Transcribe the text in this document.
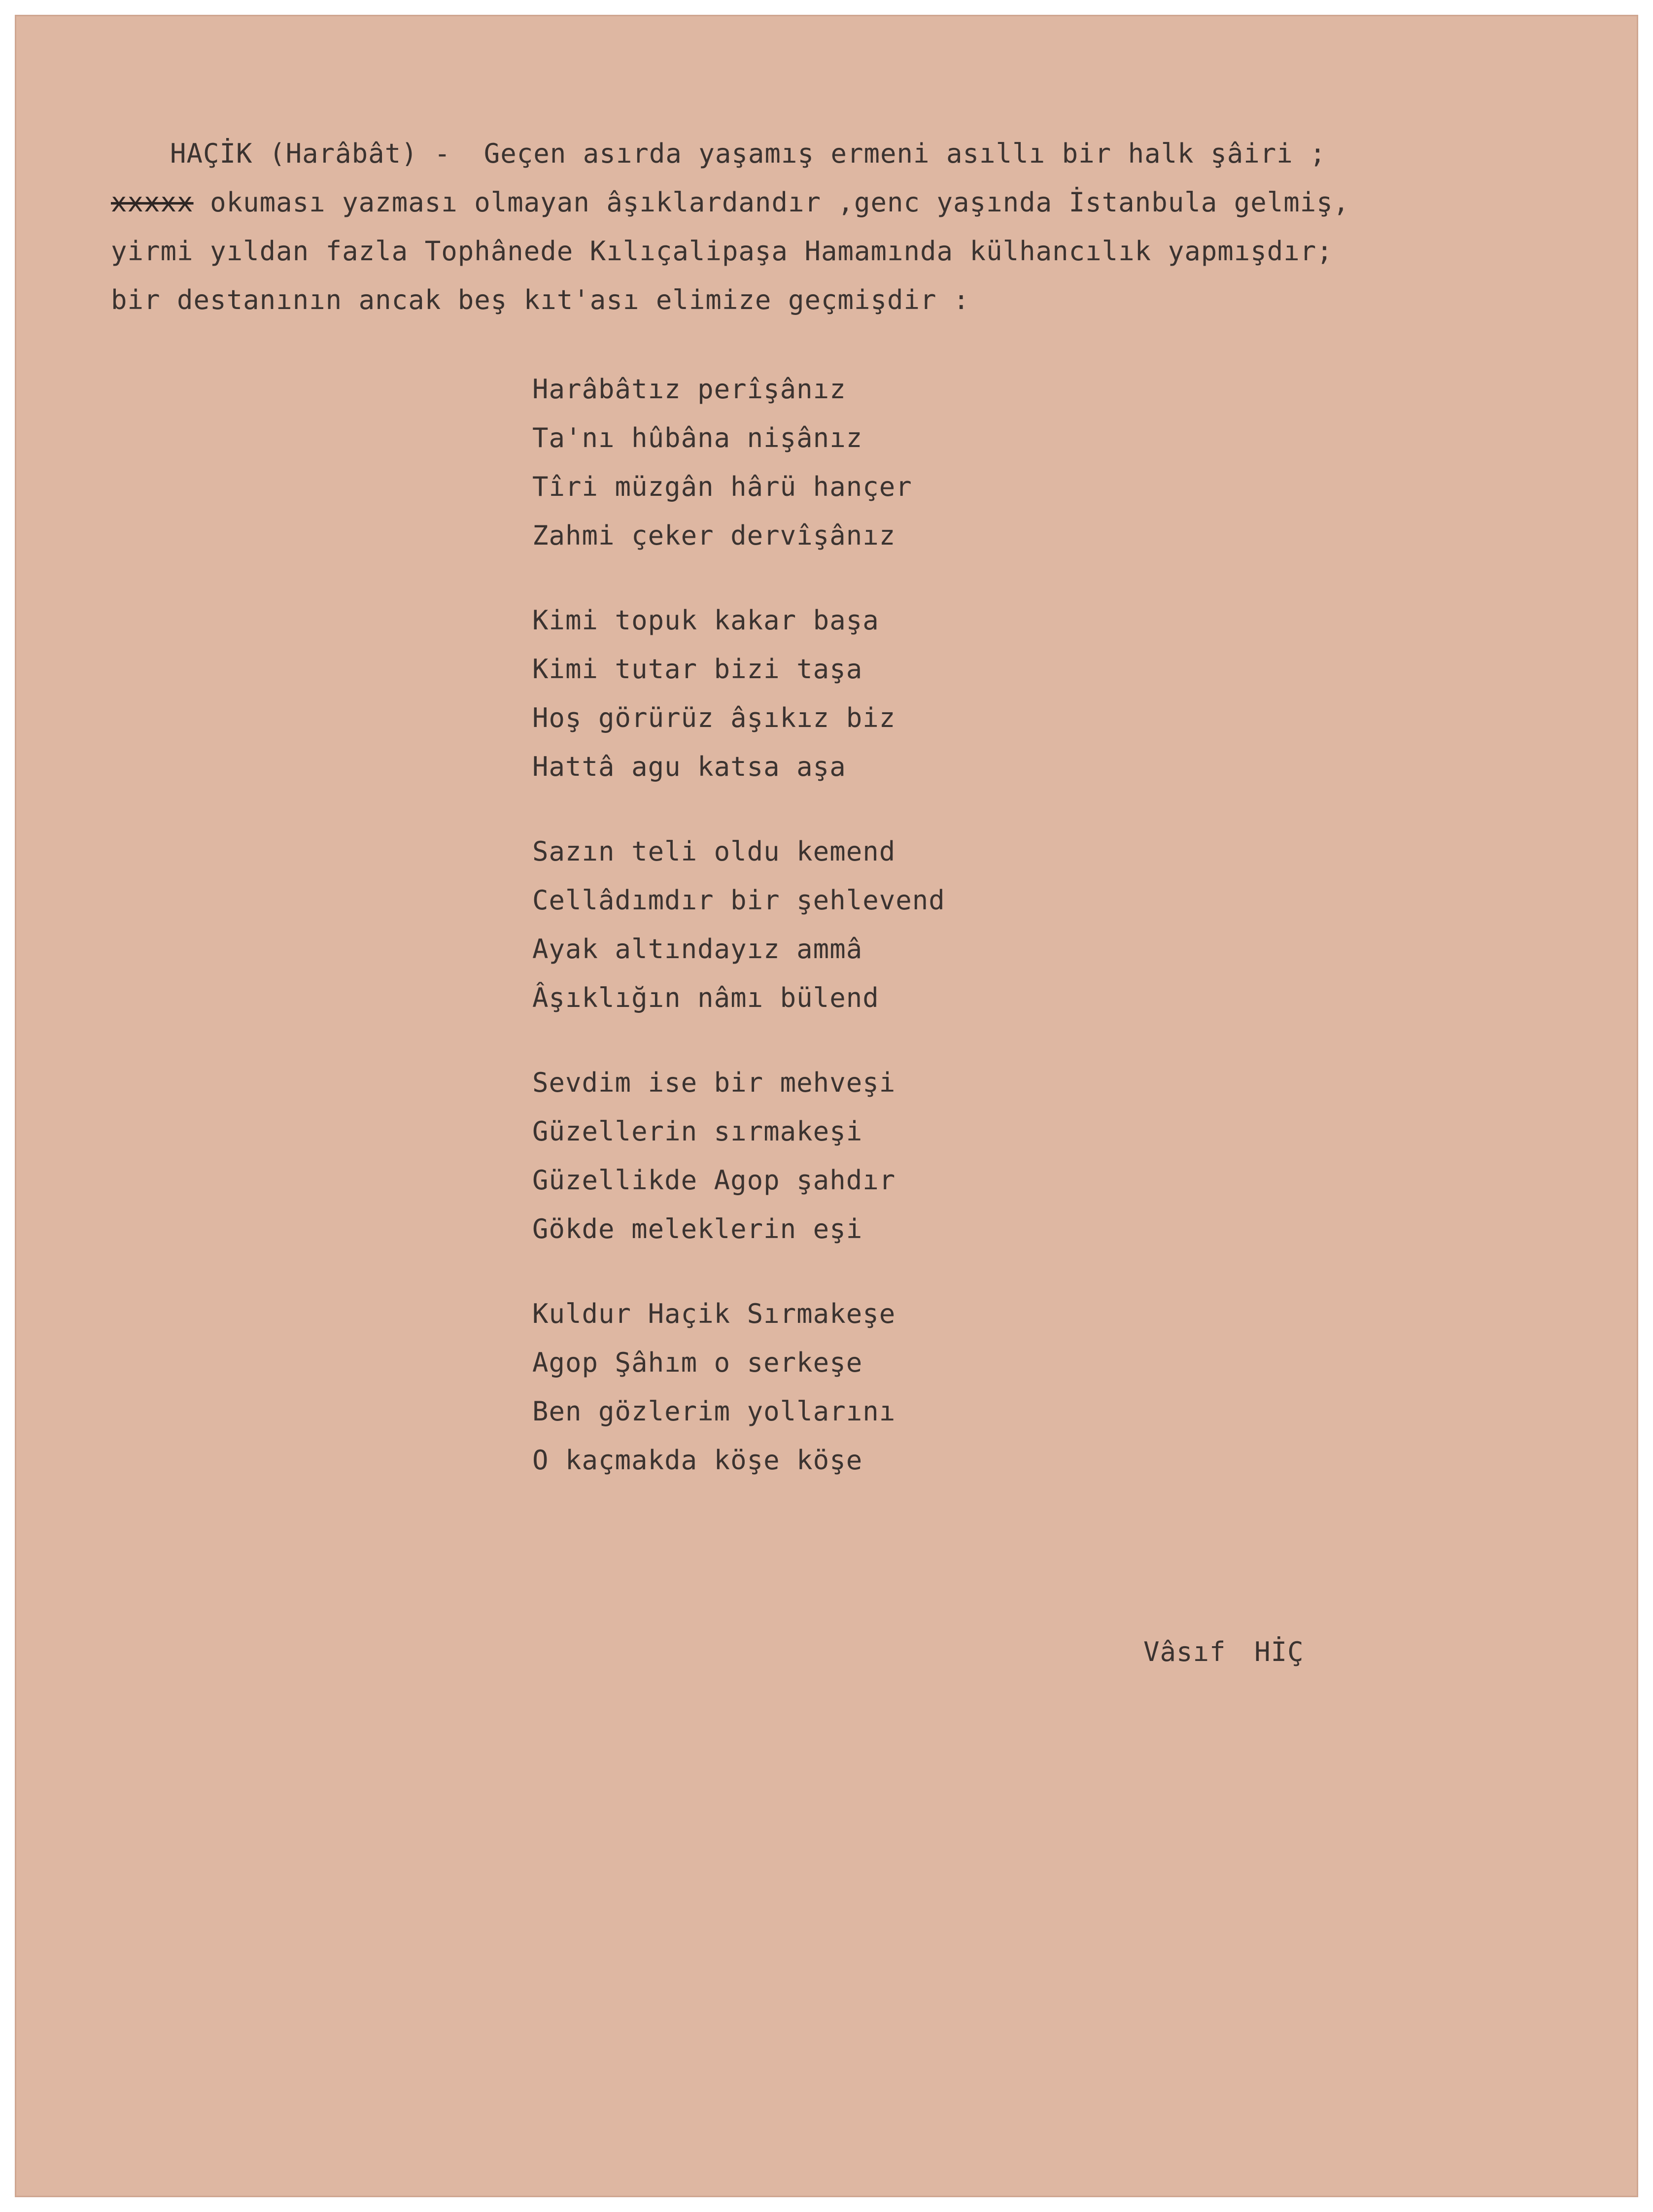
HAÇİK (Harâbât) - Geçen asırda yaşamış ermeni asıllı bir halk şâiri ;
xxxxx okuması yazması olmayan âşıklardandır ,genc yaşında İstanbula gelmiş,
yirmi yıldan fazla Tophânede Kılıçalipaşa Hamamında külhancılık yapmışdır;
bir destanının ancak beş kıt'ası elimize geçmişdir :
Harâbâtız perîşânız
Ta'nı hûbâna nişânız
Tîri müzgân hârü hançer
Zahmi çeker dervîşânız
Kimi topuk kakar başa
Kimi tutar bizi taşa
Hoş görürüz âşıkız biz
Hattâ agu katsa aşa
Sazın teli oldu kemend
Cellâdımdır bir şehlevend
Ayak altındayız ammâ
Âşıklığın nâmı bülend
Sevdim ise bir mehveşi
Güzellerin sırmakeşi
Güzellikde Agop şahdır
Gökde meleklerin eşi
Kuldur Haçik Sırmakeşe
Agop Şâhım o serkeşe
Ben gözlerim yollarını
O kaçmakda köşe köşe
Vâsıf HİÇ
